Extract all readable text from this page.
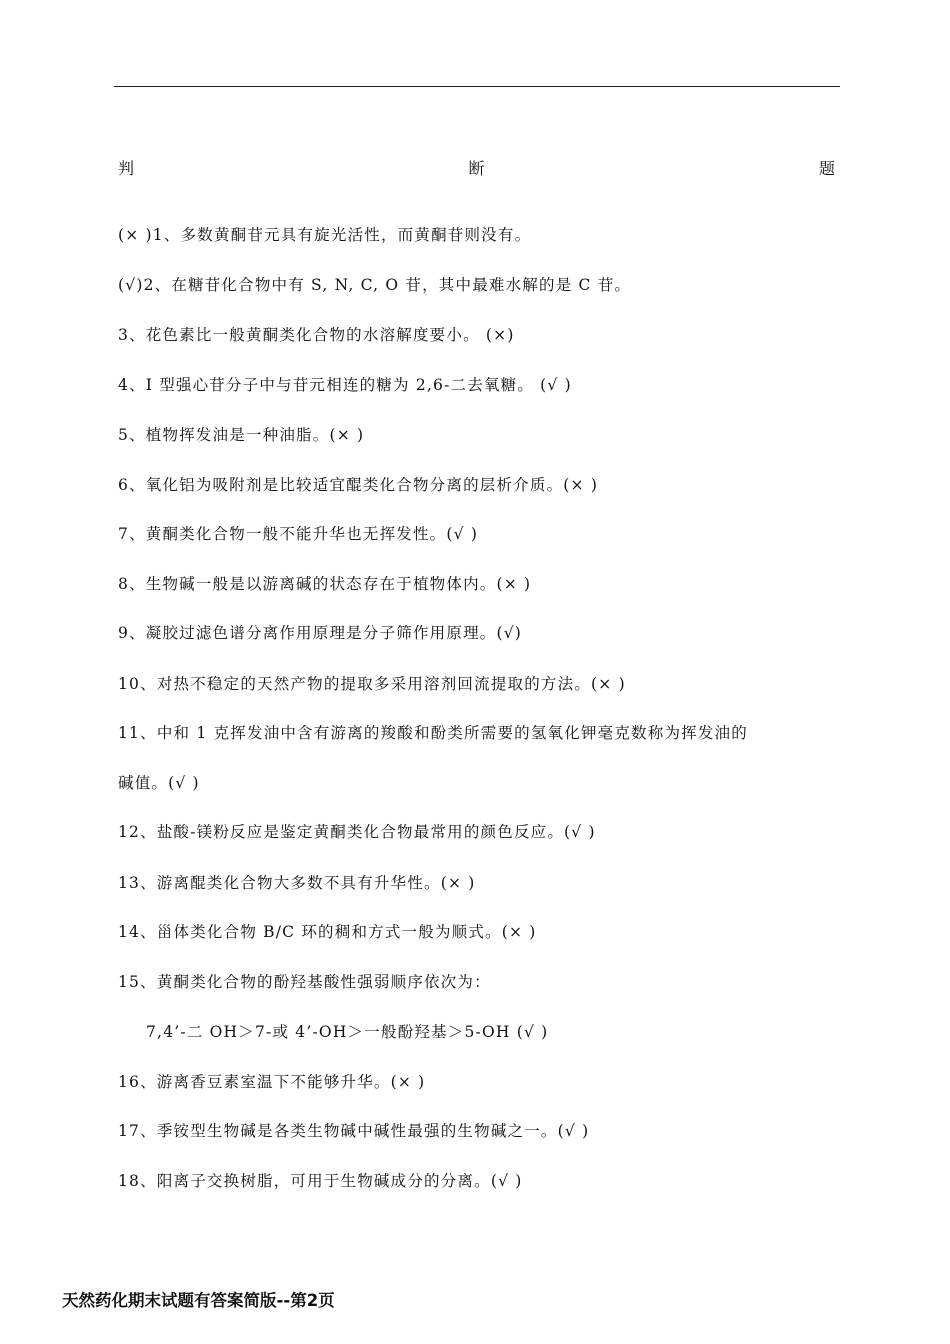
判	断	题
(× )1、多数黄酮苷元具有旋光活性，而黄酮苷则没有。
(√)2、在糖苷化合物中有 S, N, C, O 苷，其中最难水解的是 C 苷。
3、花色素比一般黄酮类化合物的水溶解度要小。 (×)
4、I 型强心苷分子中与苷元相连的糖为 2,6-二去氧糖。 (√ )
5、植物挥发油是一种油脂。(× )
6、氧化铝为吸附剂是比较适宜醌类化合物分离的层析介质。(× )
7、黄酮类化合物一般不能升华也无挥发性。(√ )
8、生物碱一般是以游离碱的状态存在于植物体内。(× )
9、凝胶过滤色谱分离作用原理是分子筛作用原理。(√)
10、对热不稳定的天然产物的提取多采用溶剂回流提取的方法。(× )
11、中和 1 克挥发油中含有游离的羧酸和酚类所需要的氢氧化钾毫克数称为挥发油的
碱值。(√ )
12、盐酸-镁粉反应是鉴定黄酮类化合物最常用的颜色反应。(√ )
13、游离醌类化合物大多数不具有升华性。(× )
14、甾体类化合物 B/C 环的稠和方式一般为顺式。(× )
15、黄酮类化合物的酚羟基酸性强弱顺序依次为：
7,4’-二 OH＞7-或 4’-OH＞一般酚羟基＞5-OH (√ )
16、游离香豆素室温下不能够升华。(× )
17、季铵型生物碱是各类生物碱中碱性最强的生物碱之一。(√ )
18、阳离子交换树脂，可用于生物碱成分的分离。(√ )
天然药化期末试题有答案简版--第2页
